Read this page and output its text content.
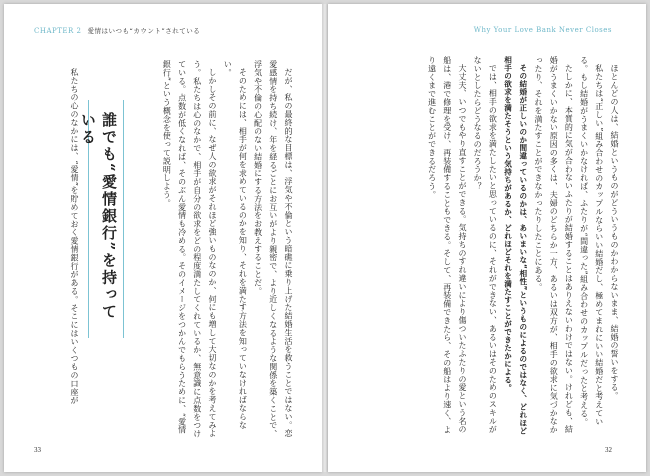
CHAPTER 2 愛情はいつも“カウント”されている

だが、私の最終的な目標は、浮気や不倫という暗礁に乗り上げた結婚生活を救うことではない。恋愛感情を持ち続け、年を経るごとにお互いがより親密で、より近しくなるような関係を築くことで、浮気や不倫の心配のない結婚にする方法をお教えすることだ。

そのためには、相手が何を求めているのかを知り、それを満たす方法を知っていなければならない。

しかしその前に、なぜ人の欲求がそれほど強いものなのか、何にも増して大切なのかを考えてみよう。私たちは心のなかで、相手が自分の欲求をどの程度満たしてくれているか、無意識に点数をつけている。点数が低くなれば、そのぶん愛情も冷める。そのイメージをつかんでもらうために、“愛情銀行”という概念を使って説明しよう。

誰でも“愛情銀行”を持っている

私たちの心のなかには、“愛情”を貯めておく愛情銀行がある。そこにはいくつもの口座が

33
Why Your Love Bank Never Closes

ほとんどの人は、結婚というものがどういうものかわからないまま、結婚の誓いをする。

私たちは“正しい”組み合わせのカップルならいい結婚だし、極めてまれにいい結婚だと考えている。もし結婚がうまくいかなければ、ふたりが“間違った”組み合わせのカップルだったと考える。

たしかに、本質的に気が合わないふたりが結婚することはありえないわけではない。けれども、結婚がうまくいかない原因の多くは、夫婦のどちらか一方、あるいは双方が、相手の欲求に気づかなかったり、それを満たすことができなかったりしたことにある。

その結婚が正しいのか間違っているのかは、あいまいな“相性”というものによるのではなく、どれほど相手の欲求を満たそうという気持ちがあるか、どれほどそれを満たすことができたかによる。

では、相手の欲求を満たしたいと思っているのに、それができない、あるいはそのためのスキルがないとしたらどうなるのだろうか？

大丈夫、いつでもやり直すことができる。気持ちのすれ違いにより傷ついたふたりの愛という名の船は、港で修理を受け、再装備することもできる。そして、再装備できたら、その船はより速く、より遠くまで進むことができるだろう。

32
